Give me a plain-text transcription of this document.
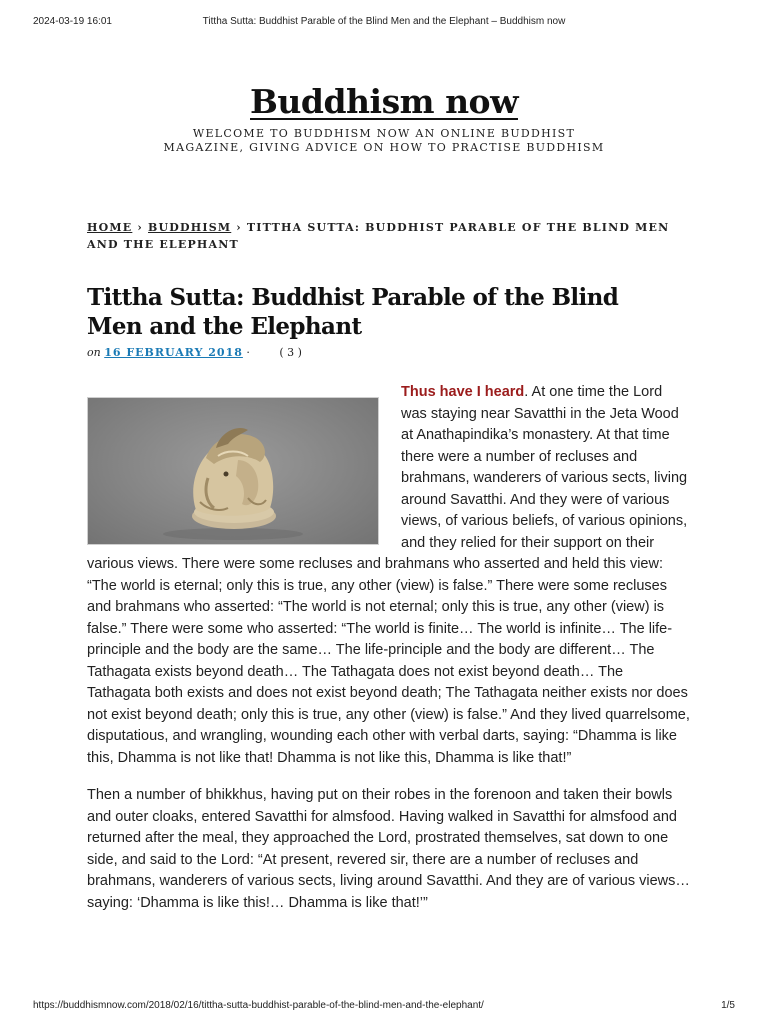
2024-03-19 16:01	Tittha Sutta: Buddhist Parable of the Blind Men and the Elephant – Buddhism now
Buddhism now
WELCOME TO BUDDHISM NOW AN ONLINE BUDDHIST
MAGAZINE, GIVING ADVICE ON HOW TO PRACTISE BUDDHISM
HOME › BUDDHISM › TITTHA SUTTA: BUDDHIST PARABLE OF THE BLIND MEN AND THE ELEPHANT
Tittha Sutta: Buddhist Parable of the Blind Men and the Elephant
on 16 FEBRUARY 2018 ·	( 3 )

Thus have I heard. At one time the Lord was staying near Savatthi in the Jeta Wood at Anathapindika’s monastery. At that time there were a number of recluses and brahmans, wanderers of various sects, living around Savatthi. And they were of various views, of various beliefs, of various opinions, and they relied for their support on their various views. There were some recluses and brahmans who asserted and held this view: “The world is eternal; only this is true, any other (view) is false.” There were some recluses and brahmans who asserted: “The world is not eternal; only this is true, any other (view) is false.” There were some who asserted: “The world is finite… The world is infinite… The life-principle and the body are the same… The life-principle and the body are different… The Tathagata exists beyond death… The Tathagata does not exist beyond death… The Tathagata both exists and does not exist beyond death; The Tathagata neither exists nor does not exist beyond death; only this is true, any other (view) is false.” And they lived quarrelsome, disputatious, and wrangling, wounding each other with verbal darts, saying: “Dhamma is like this, Dhamma is not like that! Dhamma is not like this, Dhamma is like that!”

Then a number of bhikkhus, having put on their robes in the forenoon and taken their bowls and outer cloaks, entered Savatthi for almsfood. Having walked in Savatthi for almsfood and returned after the meal, they approached the Lord, prostrated themselves, sat down to one side, and said to the Lord: “At present, revered sir, there are a number of recluses and brahmans, wanderers of various sects, living around Savatthi. And they are of various views… saying: ‘Dhamma is like this!… Dhamma is like that!’”

https://buddhismnow.com/2018/02/16/tittha-sutta-buddhist-parable-of-the-blind-men-and-the-elephant/	1/5
